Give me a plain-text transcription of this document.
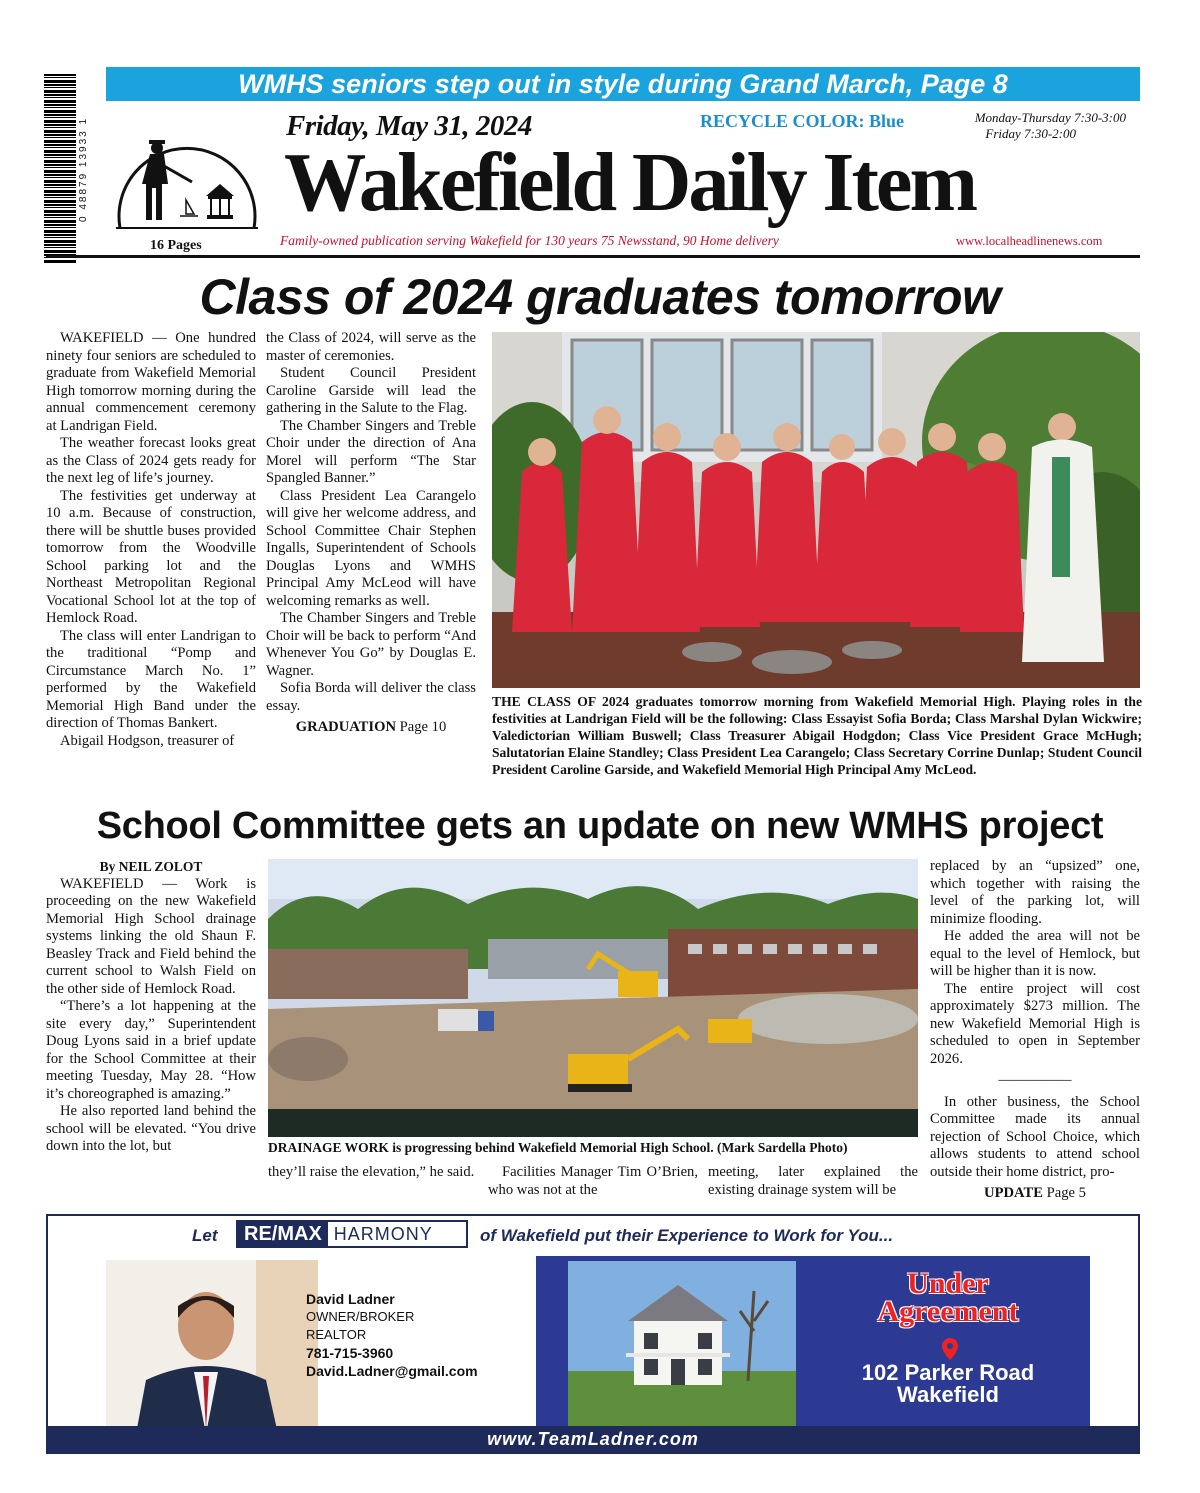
0 48879 13933 1
WMHS seniors step out in style during Grand March, Page 8
16 Pages
Friday, May 31, 2024	RECYCLE COLOR: Blue	Monday-Thursday 7:30-3:00
Friday 7:30-2:00
Wakefield Daily Item
Family-owned publication serving Wakefield for 130 years 75 Newsstand, 90 Home delivery	www.localheadlinenews.com
Class of 2024 graduates tomorrow

WAKEFIELD — One hundred ninety four seniors are scheduled to graduate from Wakefield Memorial High tomorrow morning during the annual commencement ceremony at Landrigan Field.

The weather forecast looks great as the Class of 2024 gets ready for the next leg of life’s journey.

The festivities get underway at 10 a.m. Because of construction, there will be shuttle buses provided tomorrow from the Woodville School parking lot and the Northeast Metropolitan Regional Vocational School lot at the top of Hemlock Road.

The class will enter Landrigan to the traditional “Pomp and Circumstance March No. 1” performed by the Wakefield Memorial High Band under the direction of Thomas Bankert.

Abigail Hodgson, treasurer of

the Class of 2024, will serve as the master of ceremonies.

Student Council President Caroline Garside will lead the gathering in the Salute to the Flag.

The Chamber Singers and Treble Choir under the direction of Ana Morel will perform “The Star Spangled Banner.”

Class President Lea Carangelo will give her welcome address, and School Committee Chair Stephen Ingalls, Superintendent of Schools Douglas Lyons and WMHS Principal Amy McLeod will have welcoming remarks as well.

The Chamber Singers and Treble Choir will be back to perform “And Whenever You Go” by Douglas E. Wagner.

Sofia Borda will deliver the class essay.

GRADUATION Page 10

THE CLASS OF 2024 graduates tomorrow morning from Wakefield Memorial High. Playing roles in the festivities at Landrigan Field will be the following: Class Essayist Sofia Borda; Class Marshal Dylan Wickwire; Valedictorian William Buswell; Class Treasurer Abigail Hodgdon; Class Vice President Grace McHugh; Salutatorian Elaine Standley; Class President Lea Carangelo; Class Secretary Corrine Dunlap; Student Council President Caroline Garside, and Wakefield Memorial High Principal Amy McLeod.
School Committee gets an update on new WMHS project

By NEIL ZOLOT

WAKEFIELD — Work is proceeding on the new Wakefield Memorial High School drainage systems linking the old Shaun F. Beasley Track and Field behind the current school to Walsh Field on the other side of Hemlock Road.

“There’s a lot happening at the site every day,” Superintendent Doug Lyons said in a brief update for the School Committee at their meeting Tuesday, May 28. “How it’s choreographed is amazing.”

He also reported land behind the school will be elevated. “You drive down into the lot, but	DRAINAGE WORK is progressing behind Wakefield Memorial High School. (Mark Sardella Photo)

they’ll raise the elevation,” he said.	Facilities Manager Tim O’Brien, who was not at the

meeting, later explained the existing drainage system will be

replaced by an “upsized” one, which together with raising the level of the parking lot, will minimize flooding.

He added the area will not be equal to the level of Hemlock, but will be higher than it is now.

The entire project will cost approximately $273 million. The new Wakefield Memorial High is scheduled to open in September 2026.

—————

In other business, the School Committee made its annual rejection of School Choice, which allows students to attend school outside their home district, pro-

UPDATE Page 5

Let	RE/MAX HARMONY	of Wakefield put their Experience to Work for You...
David Ladner
OWNER/BROKER
REALTOR
781-715-3960
David.Ladner@gmail.com
Under
Agreement
102 Parker Road
Wakefield
www.TeamLadner.com
